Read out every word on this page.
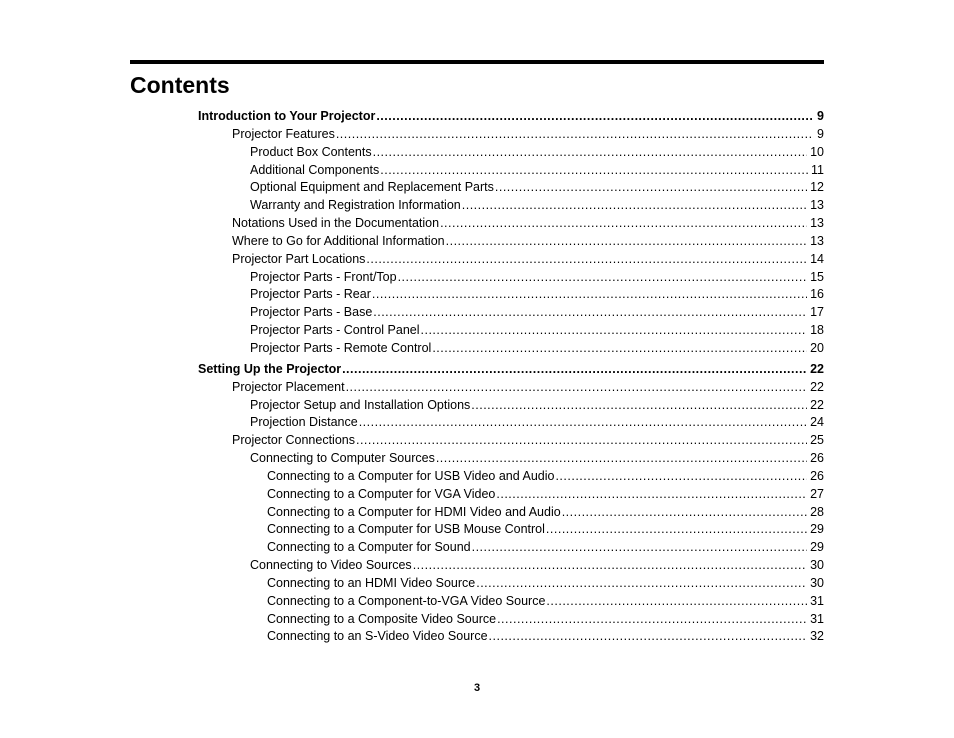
Contents
Introduction to Your Projector .....	9
Projector Features .....	9
Product Box Contents .....	10
Additional Components .....	11
Optional Equipment and Replacement Parts .....	12
Warranty and Registration Information .....	13
Notations Used in the Documentation .....	13
Where to Go for Additional Information .....	13
Projector Part Locations .....	14
Projector Parts - Front/Top .....	15
Projector Parts - Rear .....	16
Projector Parts - Base .....	17
Projector Parts - Control Panel .....	18
Projector Parts - Remote Control .....	20
Setting Up the Projector .....	22
Projector Placement .....	22
Projector Setup and Installation Options .....	22
Projection Distance .....	24
Projector Connections .....	25
Connecting to Computer Sources .....	26
Connecting to a Computer for USB Video and Audio .....	26
Connecting to a Computer for VGA Video .....	27
Connecting to a Computer for HDMI Video and Audio .....	28
Connecting to a Computer for USB Mouse Control .....	29
Connecting to a Computer for Sound .....	29
Connecting to Video Sources .....	30
Connecting to an HDMI Video Source .....	30
Connecting to a Component-to-VGA Video Source .....	31
Connecting to a Composite Video Source .....	31
Connecting to an S-Video Video Source .....	32
3
